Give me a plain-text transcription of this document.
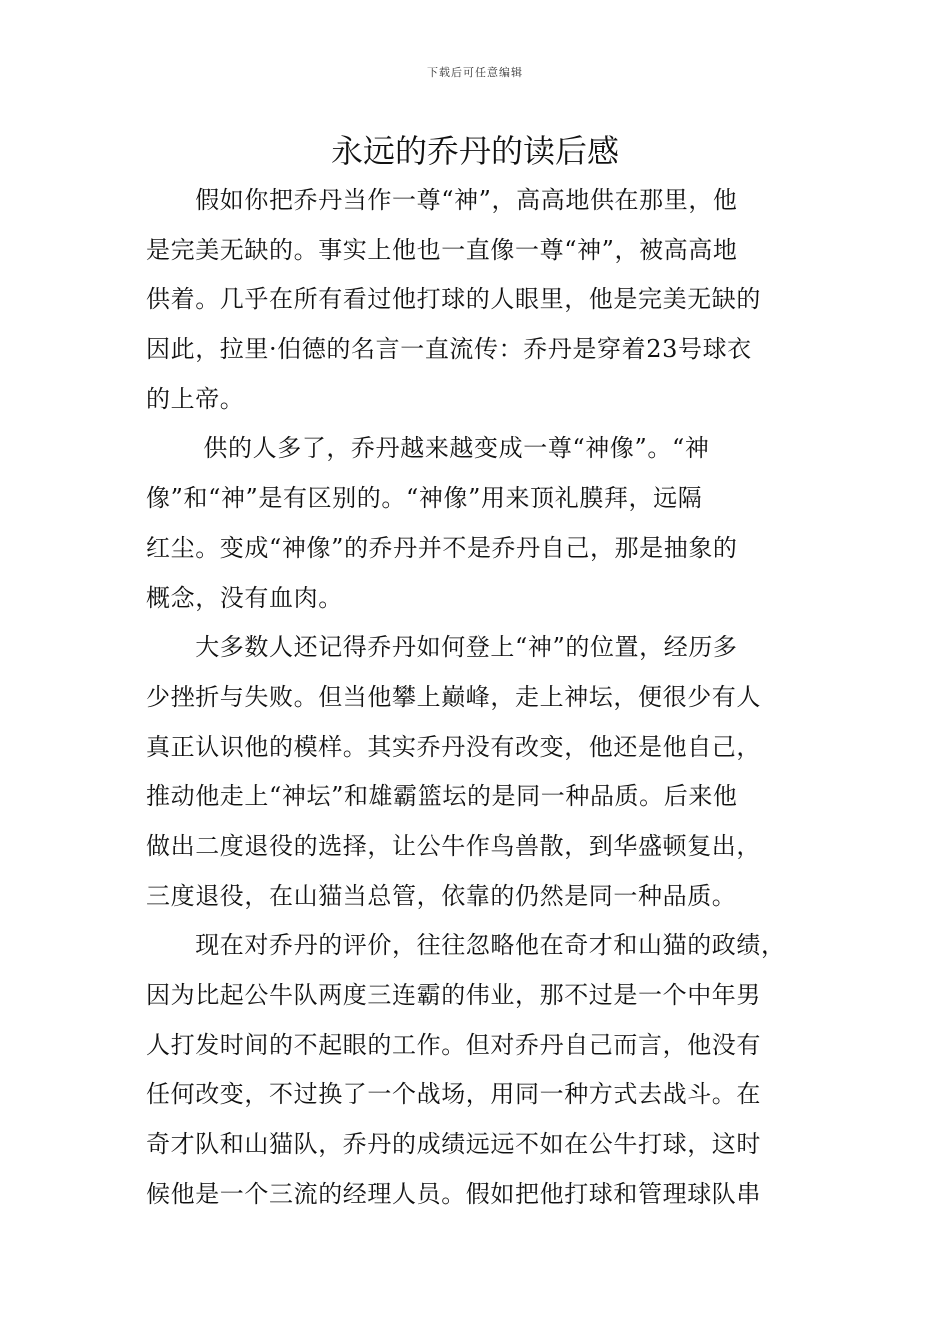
下载后可任意编辑
永远的乔丹的读后感
　　假如你把乔丹当作一尊“神”，高高地供在那里，他
是完美无缺的。事实上他也一直像一尊“神”，被高高地
供着。几乎在所有看过他打球的人眼里，他是完美无缺的
因此，拉里·伯德的名言一直流传：乔丹是穿着23号球衣
的上帝。
　　 供的人多了，乔丹越来越变成一尊“神像”。“神
像”和“神”是有区别的。“神像”用来顶礼膜拜，远隔
红尘。变成“神像”的乔丹并不是乔丹自己，那是抽象的
概念，没有血肉。
　　大多数人还记得乔丹如何登上“神”的位置，经历多
少挫折与失败。但当他攀上巅峰，走上神坛，便很少有人
真正认识他的模样。其实乔丹没有改变，他还是他自己，
推动他走上“神坛”和雄霸篮坛的是同一种品质。后来他
做出二度退役的选择，让公牛作鸟兽散，到华盛顿复出，
三度退役，在山猫当总管，依靠的仍然是同一种品质。
　　现在对乔丹的评价，往往忽略他在奇才和山猫的政绩，
因为比起公牛队两度三连霸的伟业，那不过是一个中年男
人打发时间的不起眼的工作。但对乔丹自己而言，他没有
任何改变，不过换了一个战场，用同一种方式去战斗。在
奇才队和山猫队，乔丹的成绩远远不如在公牛打球，这时
候他是一个三流的经理人员。假如把他打球和管理球队串
